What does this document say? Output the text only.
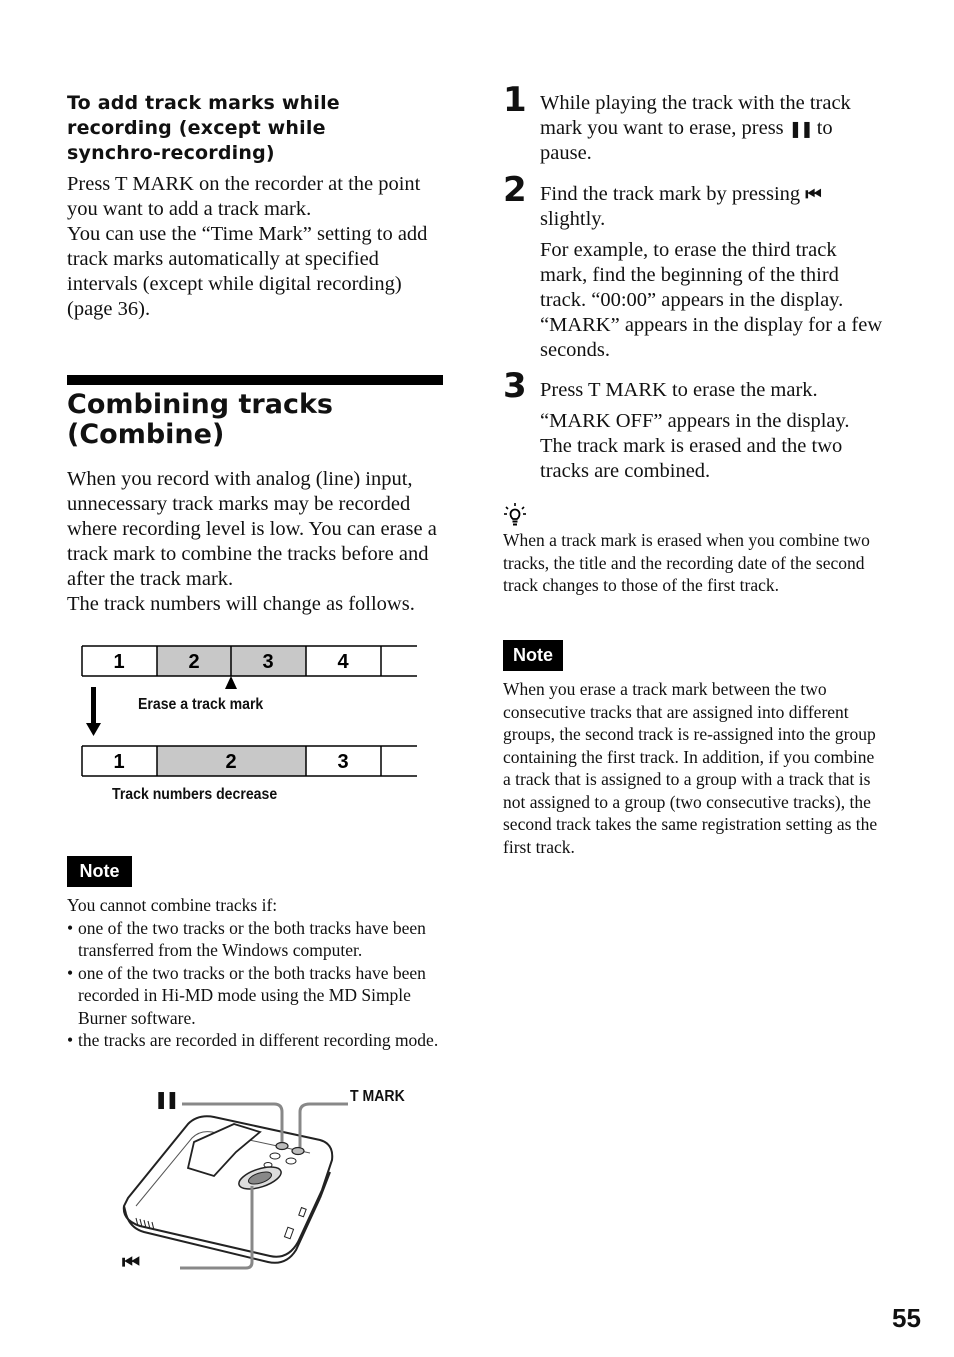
To add track marks while
recording (except while
synchro-recording)
Press T MARK on the recorder at the point you want to add a track mark.
You can use the “Time Mark” setting to add track marks automatically at specified intervals (except while digital recording) (page 36).
Combining tracks
(Combine)
When you record with analog (line) input, unnecessary track marks may be recorded where recording level is low. You can erase a track mark to combine the tracks before and after the track mark.
The track numbers will change as follows.
1	2	3	4
1	2	3
Erase a track mark
Track numbers decrease
Note
You cannot combine tracks if:
• one of the two tracks or the both tracks have been transferred from the Windows computer.
• one of the two tracks or the both tracks have been recorded in Hi-MD mode using the MD Simple Burner software.
• the tracks are recorded in different recording mode.
❚❚	T MARK
⏮
1 While playing the track with the track mark you want to erase, press ❚❚ to pause.
2 Find the track mark by pressing ⏮ slightly.
For example, to erase the third track mark, find the beginning of the third track. “00:00” appears in the display. “MARK” appears in the display for a few seconds.
3 Press T MARK to erase the mark.
“MARK OFF” appears in the display. The track mark is erased and the two tracks are combined.
When a track mark is erased when you combine two tracks, the title and the recording date of the second track changes to those of the first track.
Note
When you erase a track mark between the two consecutive tracks that are assigned into different groups, the second track is re-assigned into the group containing the first track. In addition, if you combine a track that is assigned to a group with a track that is not assigned to a group (two consecutive tracks), the second track takes the same registration setting as the first track.
55
